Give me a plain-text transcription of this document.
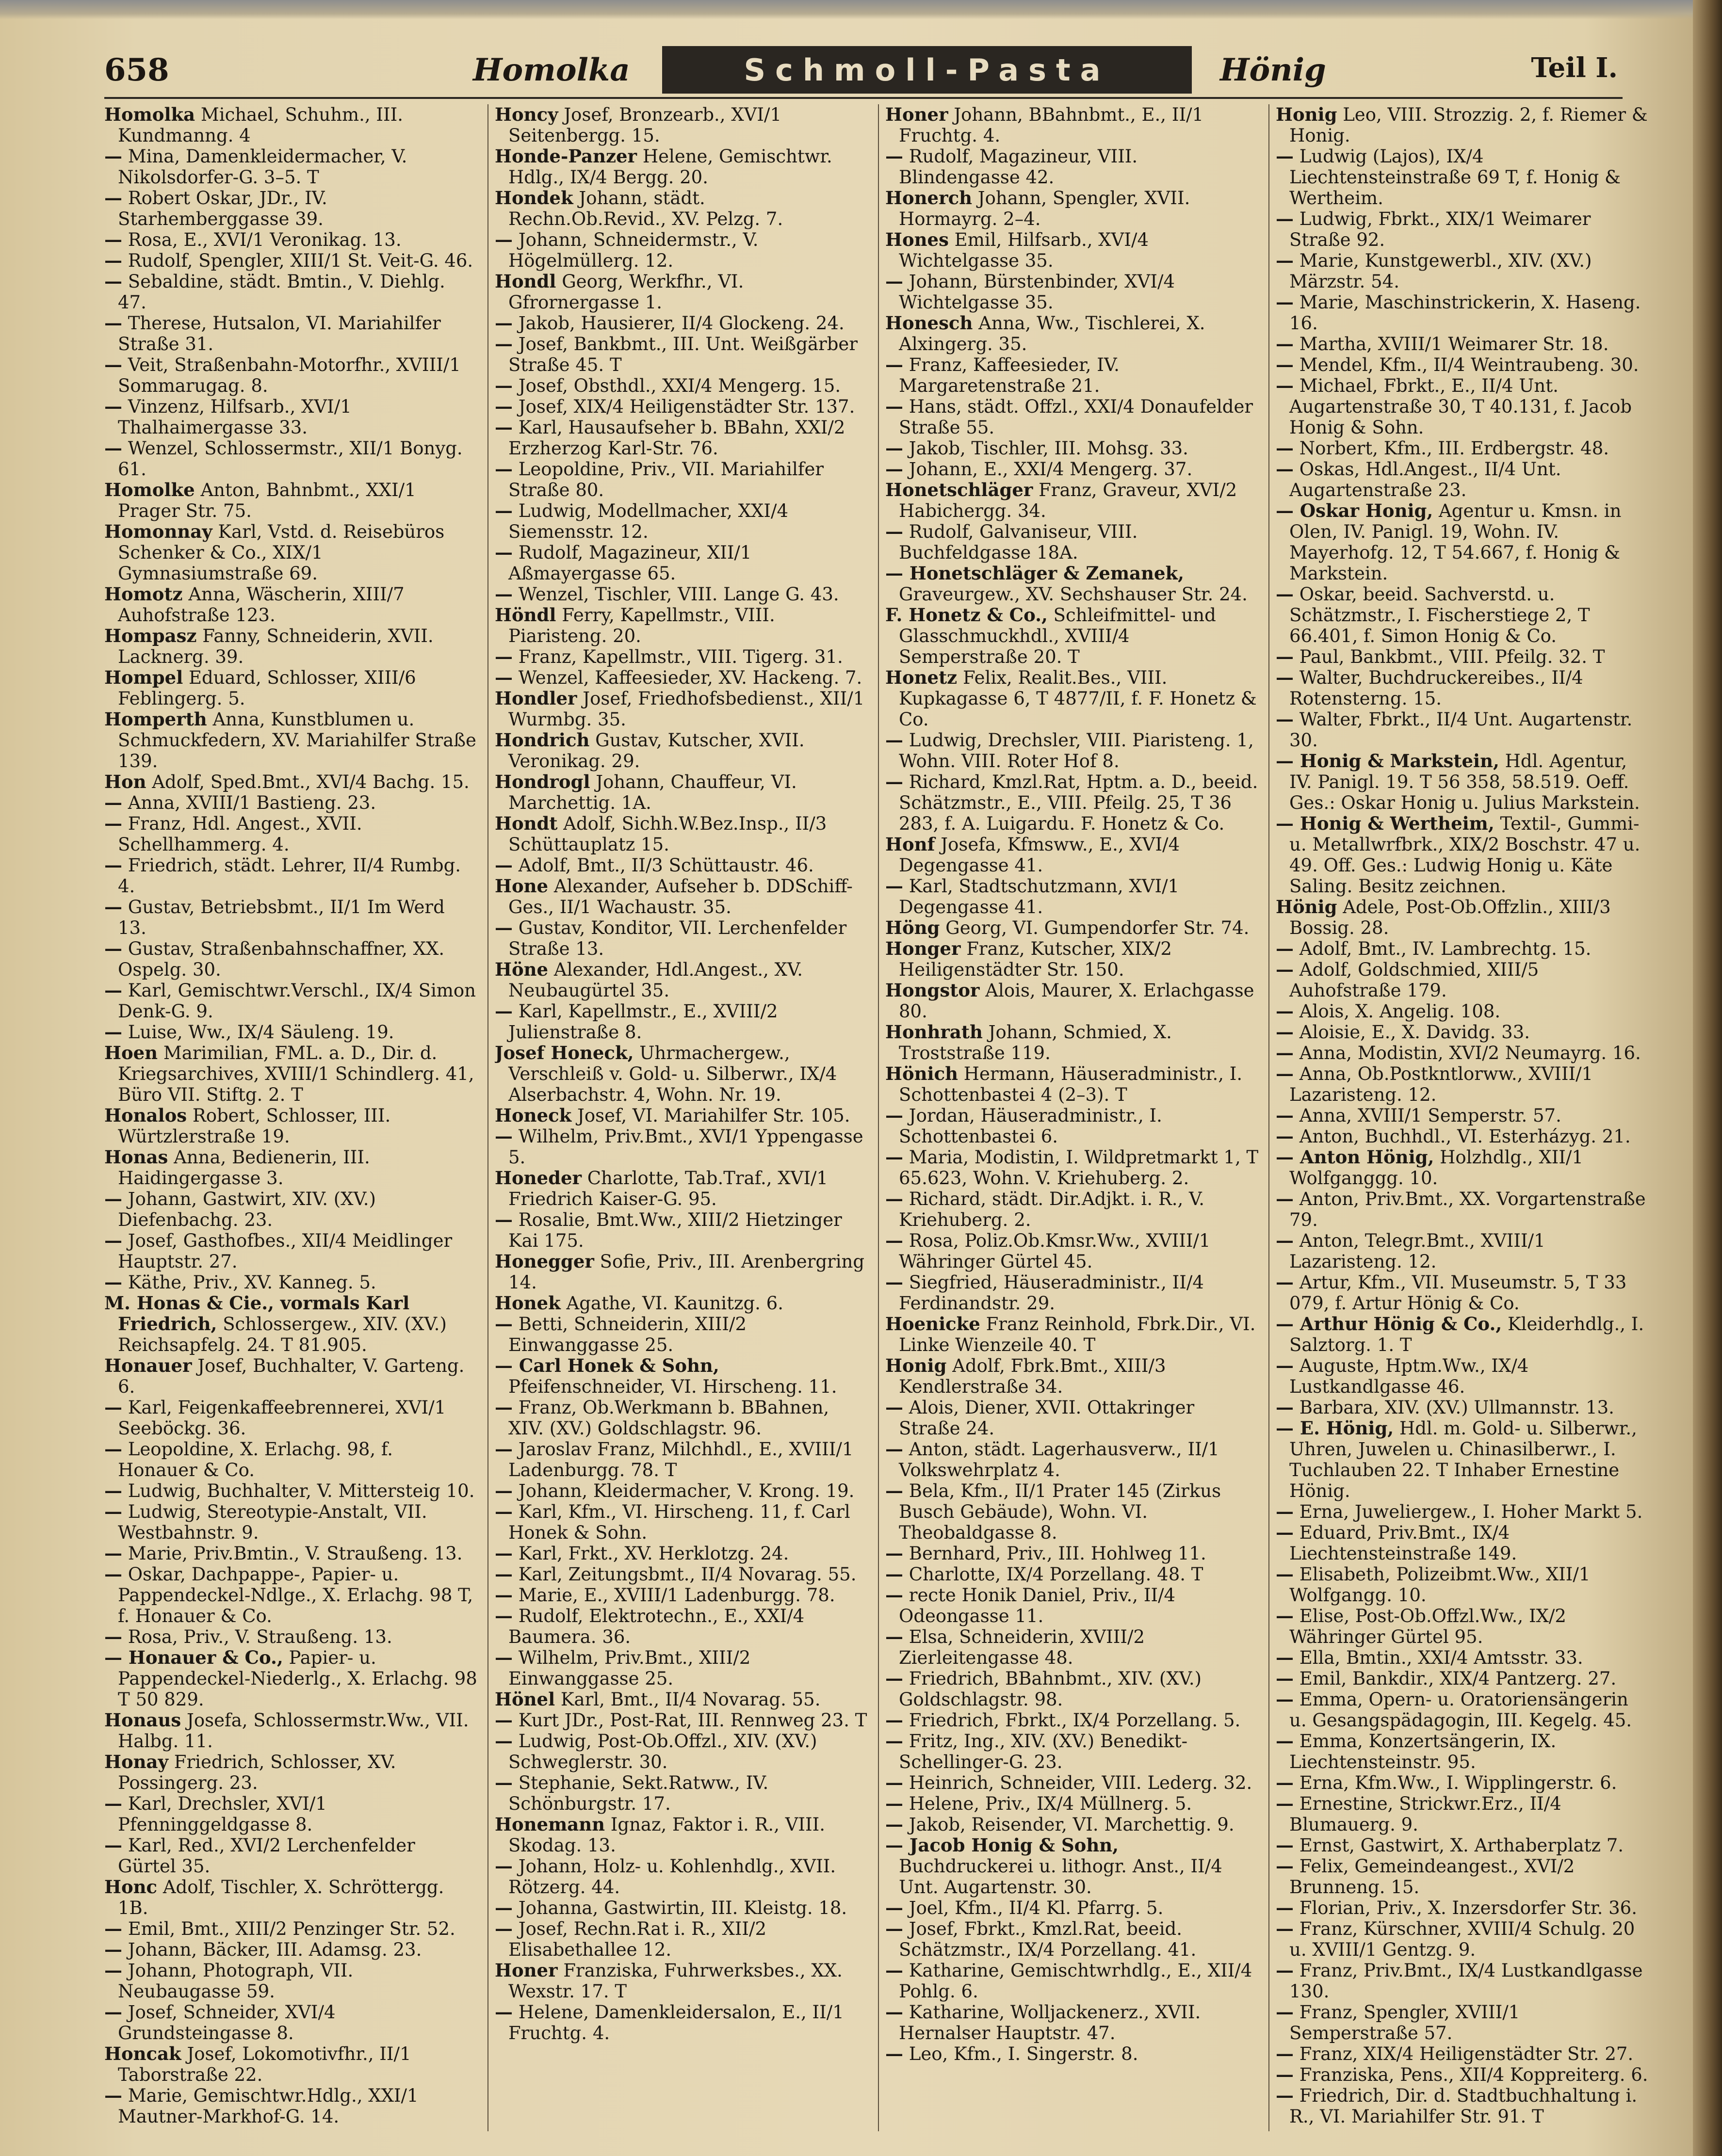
658	Homolka	Schmoll-Pasta	Hönig	Teil I.
Homolka Michael, Schuhm., III. Kundmanng. 4
— Mina, Damenkleidermacher, V. Nikolsdorfer-G. 3–5. T
— Robert Oskar, JDr., IV. Starhemberggasse 39.
— Rosa, E., XVI/1 Veronikag. 13.
— Rudolf, Spengler, XIII/1 St. Veit-G. 46.
— Sebaldine, städt. Bmtin., V. Diehlg. 47.
— Therese, Hutsalon, VI. Mariahilfer Straße 31.
— Veit, Straßenbahn-Motorfhr., XVIII/1 Sommarugag. 8.
— Vinzenz, Hilfsarb., XVI/1 Thalhaimergasse 33.
— Wenzel, Schlossermstr., XII/1 Bonyg. 61.
Homolke Anton, Bahnbmt., XXI/1 Prager Str. 75.
Homonnay Karl, Vstd. d. Reisebüros Schenker & Co., XIX/1 Gymnasiumstraße 69.
Homotz Anna, Wäscherin, XIII/7 Auhofstraße 123.
Hompasz Fanny, Schneiderin, XVII. Lacknerg. 39.
Hompel Eduard, Schlosser, XIII/6 Feblingerg. 5.
Homperth Anna, Kunstblumen u. Schmuckfedern, XV. Mariahilfer Straße 139.
Hon Adolf, Sped.Bmt., XVI/4 Bachg. 15.
— Anna, XVIII/1 Bastieng. 23.
— Franz, Hdl. Angest., XVII. Schellhammerg. 4.
— Friedrich, städt. Lehrer, II/4 Rumbg. 4.
— Gustav, Betriebsbmt., II/1 Im Werd 13.
— Gustav, Straßenbahnschaffner, XX. Ospelg. 30.
— Karl, Gemischtwr.Verschl., IX/4 Simon Denk-G. 9.
— Luise, Ww., IX/4 Säuleng. 19.
Hoen Marimilian, FML. a. D., Dir. d. Kriegsarchives, XVIII/1 Schindlerg. 41, Büro VII. Stiftg. 2. T
Honalos Robert, Schlosser, III. Würtzlerstraße 19.
Honas Anna, Bedienerin, III. Haidingergasse 3.
— Johann, Gastwirt, XIV. (XV.) Diefenbachg. 23.
— Josef, Gasthofbes., XII/4 Meidlinger Hauptstr. 27.
— Käthe, Priv., XV. Kanneg. 5.
M. Honas & Cie., vormals Karl Friedrich, Schlossergew., XIV. (XV.) Reichsapfelg. 24. T 81.905.
Honauer Josef, Buchhalter, V. Garteng. 6.
— Karl, Feigenkaffeebrennerei, XVI/1 Seeböckg. 36.
— Leopoldine, X. Erlachg. 98, f. Honauer & Co.
— Ludwig, Buchhalter, V. Mittersteig 10.
— Ludwig, Stereotypie-Anstalt, VII. Westbahnstr. 9.
— Marie, Priv.Bmtin., V. Straußeng. 13.
— Oskar, Dachpappe-, Papier- u. Pappendeckel-Ndlge., X. Erlachg. 98 T, f. Honauer & Co.
— Rosa, Priv., V. Straußeng. 13.
— Honauer & Co., Papier- u. Pappendeckel-Niederlg., X. Erlachg. 98 T 50 829.
Honaus Josefa, Schlossermstr.Ww., VII. Halbg. 11.
Honay Friedrich, Schlosser, XV. Possingerg. 23.
— Karl, Drechsler, XVI/1 Pfenninggeldgasse 8.
— Karl, Red., XVI/2 Lerchenfelder Gürtel 35.
Honc Adolf, Tischler, X. Schröttergg. 1B.
— Emil, Bmt., XIII/2 Penzinger Str. 52.
— Johann, Bäcker, III. Adamsg. 23.
— Johann, Photograph, VII. Neubaugasse 59.
— Josef, Schneider, XVI/4 Grundsteingasse 8.
Honcak Josef, Lokomotivfhr., II/1 Taborstraße 22.
— Marie, Gemischtwr.Hdlg., XXI/1 Mautner-Markhof-G. 14.
Honcy Josef, Bronzearb., XVI/1 Seitenbergg. 15.
Honde-Panzer Helene, Gemischtwr. Hdlg., IX/4 Bergg. 20.
Hondek Johann, städt. Rechn.Ob.Revid., XV. Pelzg. 7.
— Johann, Schneidermstr., V. Högelmüllerg. 12.
Hondl Georg, Werkfhr., VI. Gfrornergasse 1.
— Jakob, Hausierer, II/4 Glockeng. 24.
— Josef, Bankbmt., III. Unt. Weißgärber Straße 45. T
— Josef, Obsthdl., XXI/4 Mengerg. 15.
— Josef, XIX/4 Heiligenstädter Str. 137.
— Karl, Hausaufseher b. BBahn, XXI/2 Erzherzog Karl-Str. 76.
— Leopoldine, Priv., VII. Mariahilfer Straße 80.
— Ludwig, Modellmacher, XXI/4 Siemensstr. 12.
— Rudolf, Magazineur, XII/1 Aßmayergasse 65.
— Wenzel, Tischler, VIII. Lange G. 43.
Höndl Ferry, Kapellmstr., VIII. Piaristeng. 20.
— Franz, Kapellmstr., VIII. Tigerg. 31.
— Wenzel, Kaffeesieder, XV. Hackeng. 7.
Hondler Josef, Friedhofsbedienst., XII/1 Wurmbg. 35.
Hondrich Gustav, Kutscher, XVII. Veronikag. 29.
Hondrogl Johann, Chauffeur, VI. Marchettig. 1A.
Hondt Adolf, Sichh.W.Bez.Insp., II/3 Schüttauplatz 15.
— Adolf, Bmt., II/3 Schüttaustr. 46.
Hone Alexander, Aufseher b. DDSchiff-Ges., II/1 Wachaustr. 35.
— Gustav, Konditor, VII. Lerchenfelder Straße 13.
Höne Alexander, Hdl.Angest., XV. Neubaugürtel 35.
— Karl, Kapellmstr., E., XVIII/2 Julienstraße 8.
Josef Honeck, Uhrmachergew., Verschleiß v. Gold- u. Silberwr., IX/4 Alserbachstr. 4, Wohn. Nr. 19.
Honeck Josef, VI. Mariahilfer Str. 105.
— Wilhelm, Priv.Bmt., XVI/1 Yppengasse 5.
Honeder Charlotte, Tab.Traf., XVI/1 Friedrich Kaiser-G. 95.
— Rosalie, Bmt.Ww., XIII/2 Hietzinger Kai 175.
Honegger Sofie, Priv., III. Arenbergring 14.
Honek Agathe, VI. Kaunitzg. 6.
— Betti, Schneiderin, XIII/2 Einwanggasse 25.
— Carl Honek & Sohn, Pfeifenschneider, VI. Hirscheng. 11.
— Franz, Ob.Werkmann b. BBahnen, XIV. (XV.) Goldschlagstr. 96.
— Jaroslav Franz, Milchhdl., E., XVIII/1 Ladenburgg. 78. T
— Johann, Kleidermacher, V. Krong. 19.
— Karl, Kfm., VI. Hirscheng. 11, f. Carl Honek & Sohn.
— Karl, Frkt., XV. Herklotzg. 24.
— Karl, Zeitungsbmt., II/4 Novarag. 55.
— Marie, E., XVIII/1 Ladenburgg. 78.
— Rudolf, Elektrotechn., E., XXI/4 Baumera. 36.
— Wilhelm, Priv.Bmt., XIII/2 Einwanggasse 25.
Hönel Karl, Bmt., II/4 Novarag. 55.
— Kurt JDr., Post-Rat, III. Rennweg 23. T
— Ludwig, Post-Ob.Offzl., XIV. (XV.) Schweglerstr. 30.
— Stephanie, Sekt.Ratww., IV. Schönburgstr. 17.
Honemann Ignaz, Faktor i. R., VIII. Skodag. 13.
— Johann, Holz- u. Kohlenhdlg., XVII. Rötzerg. 44.
— Johanna, Gastwirtin, III. Kleistg. 18.
— Josef, Rechn.Rat i. R., XII/2 Elisabethallee 12.
Honer Franziska, Fuhrwerksbes., XX. Wexstr. 17. T
— Helene, Damenkleidersalon, E., II/1 Fruchtg. 4.
Honer Johann, BBahnbmt., E., II/1 Fruchtg. 4.
— Rudolf, Magazineur, VIII. Blindengasse 42.
Honerch Johann, Spengler, XVII. Hormayrg. 2–4.
Hones Emil, Hilfsarb., XVI/4 Wichtelgasse 35.
— Johann, Bürstenbinder, XVI/4 Wichtelgasse 35.
Honesch Anna, Ww., Tischlerei, X. Alxingerg. 35.
— Franz, Kaffeesieder, IV. Margaretenstraße 21.
— Hans, städt. Offzl., XXI/4 Donaufelder Straße 55.
— Jakob, Tischler, III. Mohsg. 33.
— Johann, E., XXI/4 Mengerg. 37.
Honetschläger Franz, Graveur, XVI/2 Habichergg. 34.
— Rudolf, Galvaniseur, VIII. Buchfeldgasse 18A.
— Honetschläger & Zemanek, Graveurgew., XV. Sechshauser Str. 24.
F. Honetz & Co., Schleifmittel- und Glasschmuckhdl., XVIII/4 Semperstraße 20. T
Honetz Felix, Realit.Bes., VIII. Kupkagasse 6, T 4877/II, f. F. Honetz & Co.
— Ludwig, Drechsler, VIII. Piaristeng. 1, Wohn. VIII. Roter Hof 8.
— Richard, Kmzl.Rat, Hptm. a. D., beeid. Schätzmstr., E., VIII. Pfeilg. 25, T 36 283, f. A. Luigardu. F. Honetz & Co.
Honf Josefa, Kfmsww., E., XVI/4 Degengasse 41.
— Karl, Stadtschutzmann, XVI/1 Degengasse 41.
Höng Georg, VI. Gumpendorfer Str. 74.
Honger Franz, Kutscher, XIX/2 Heiligenstädter Str. 150.
Hongstor Alois, Maurer, X. Erlachgasse 80.
Honhrath Johann, Schmied, X. Troststraße 119.
Hönich Hermann, Häuseradministr., I. Schottenbastei 4 (2–3). T
— Jordan, Häuseradministr., I. Schottenbastei 6.
— Maria, Modistin, I. Wildpretmarkt 1, T 65.623, Wohn. V. Kriehuberg. 2.
— Richard, städt. Dir.Adjkt. i. R., V. Kriehuberg. 2.
— Rosa, Poliz.Ob.Kmsr.Ww., XVIII/1 Währinger Gürtel 45.
— Siegfried, Häuseradministr., II/4 Ferdinandstr. 29.
Hoenicke Franz Reinhold, Fbrk.Dir., VI. Linke Wienzeile 40. T
Honig Adolf, Fbrk.Bmt., XIII/3 Kendlerstraße 34.
— Alois, Diener, XVII. Ottakringer Straße 24.
— Anton, städt. Lagerhausverw., II/1 Volkswehrplatz 4.
— Bela, Kfm., II/1 Prater 145 (Zirkus Busch Gebäude), Wohn. VI. Theobaldgasse 8.
— Bernhard, Priv., III. Hohlweg 11.
— Charlotte, IX/4 Porzellang. 48. T
— recte Honik Daniel, Priv., II/4 Odeongasse 11.
— Elsa, Schneiderin, XVIII/2 Zierleitengasse 48.
— Friedrich, BBahnbmt., XIV. (XV.) Goldschlagstr. 98.
— Friedrich, Fbrkt., IX/4 Porzellang. 5.
— Fritz, Ing., XIV. (XV.) Benedikt-Schellinger-G. 23.
— Heinrich, Schneider, VIII. Lederg. 32.
— Helene, Priv., IX/4 Müllnerg. 5.
— Jakob, Reisender, VI. Marchettig. 9.
— Jacob Honig & Sohn, Buchdruckerei u. lithogr. Anst., II/4 Unt. Augartenstr. 30.
— Joel, Kfm., II/4 Kl. Pfarrg. 5.
— Josef, Fbrkt., Kmzl.Rat, beeid. Schätzmstr., IX/4 Porzellang. 41.
— Katharine, Gemischtwrhdlg., E., XII/4 Pohlg. 6.
— Katharine, Wolljackenerz., XVII. Hernalser Hauptstr. 47.
— Leo, Kfm., I. Singerstr. 8.
Honig Leo, VIII. Strozzig. 2, f. Riemer & Honig.
— Ludwig (Lajos), IX/4 Liechtensteinstraße 69 T, f. Honig & Wertheim.
— Ludwig, Fbrkt., XIX/1 Weimarer Straße 92.
— Marie, Kunstgewerbl., XIV. (XV.) Märzstr. 54.
— Marie, Maschinstrickerin, X. Haseng. 16.
— Martha, XVIII/1 Weimarer Str. 18.
— Mendel, Kfm., II/4 Weintraubeng. 30.
— Michael, Fbrkt., E., II/4 Unt. Augartenstraße 30, T 40.131, f. Jacob Honig & Sohn.
— Norbert, Kfm., III. Erdbergstr. 48.
— Oskas, Hdl.Angest., II/4 Unt. Augartenstraße 23.
— Oskar Honig, Agentur u. Kmsn. in Olen, IV. Panigl. 19, Wohn. IV. Mayerhofg. 12, T 54.667, f. Honig & Markstein.
— Oskar, beeid. Sachverstd. u. Schätzmstr., I. Fischerstiege 2, T 66.401, f. Simon Honig & Co.
— Paul, Bankbmt., VIII. Pfeilg. 32. T
— Walter, Buchdruckereibes., II/4 Rotensterng. 15.
— Walter, Fbrkt., II/4 Unt. Augartenstr. 30.
— Honig & Markstein, Hdl. Agentur, IV. Panigl. 19. T 56 358, 58.519. Oeff. Ges.: Oskar Honig u. Julius Markstein.
— Honig & Wertheim, Textil-, Gummi- u. Metallwrfbrk., XIX/2 Boschstr. 47 u. 49. Off. Ges.: Ludwig Honig u. Käte Saling. Besitz zeichnen.
Hönig Adele, Post-Ob.Offzlin., XIII/3 Bossig. 28.
— Adolf, Bmt., IV. Lambrechtg. 15.
— Adolf, Goldschmied, XIII/5 Auhofstraße 179.
— Alois, X. Angelig. 108.
— Aloisie, E., X. Davidg. 33.
— Anna, Modistin, XVI/2 Neumayrg. 16.
— Anna, Ob.Postkntlorww., XVIII/1 Lazaristeng. 12.
— Anna, XVIII/1 Semperstr. 57.
— Anton, Buchhdl., VI. Esterházyg. 21.
— Anton Hönig, Holzhdlg., XII/1 Wolfganggg. 10.
— Anton, Priv.Bmt., XX. Vorgartenstraße 79.
— Anton, Telegr.Bmt., XVIII/1 Lazaristeng. 12.
— Artur, Kfm., VII. Museumstr. 5, T 33 079, f. Artur Hönig & Co.
— Arthur Hönig & Co., Kleiderhdlg., I. Salztorg. 1. T
— Auguste, Hptm.Ww., IX/4 Lustkandlgasse 46.
— Barbara, XIV. (XV.) Ullmannstr. 13.
— E. Hönig, Hdl. m. Gold- u. Silberwr., Uhren, Juwelen u. Chinasilberwr., I. Tuchlauben 22. T Inhaber Ernestine Hönig.
— Erna, Juweliergew., I. Hoher Markt 5.
— Eduard, Priv.Bmt., IX/4 Liechtensteinstraße 149.
— Elisabeth, Polizeibmt.Ww., XII/1 Wolfgangg. 10.
— Elise, Post-Ob.Offzl.Ww., IX/2 Währinger Gürtel 95.
— Ella, Bmtin., XXI/4 Amtsstr. 33.
— Emil, Bankdir., XIX/4 Pantzerg. 27.
— Emma, Opern- u. Oratoriensängerin u. Gesangspädagogin, III. Kegelg. 45.
— Emma, Konzertsängerin, IX. Liechtensteinstr. 95.
— Erna, Kfm.Ww., I. Wipplingerstr. 6.
— Ernestine, Strickwr.Erz., II/4 Blumauerg. 9.
— Ernst, Gastwirt, X. Arthaberplatz 7.
— Felix, Gemeindeangest., XVI/2 Brunneng. 15.
— Florian, Priv., X. Inzersdorfer Str. 36.
— Franz, Kürschner, XVIII/4 Schulg. 20 u. XVIII/1 Gentzg. 9.
— Franz, Priv.Bmt., IX/4 Lustkandlgasse 130.
— Franz, Spengler, XVIII/1 Semperstraße 57.
— Franz, XIX/4 Heiligenstädter Str. 27.
— Franziska, Pens., XII/4 Koppreiterg. 6.
— Friedrich, Dir. d. Stadtbuchhaltung i. R., VI. Mariahilfer Str. 91. T
